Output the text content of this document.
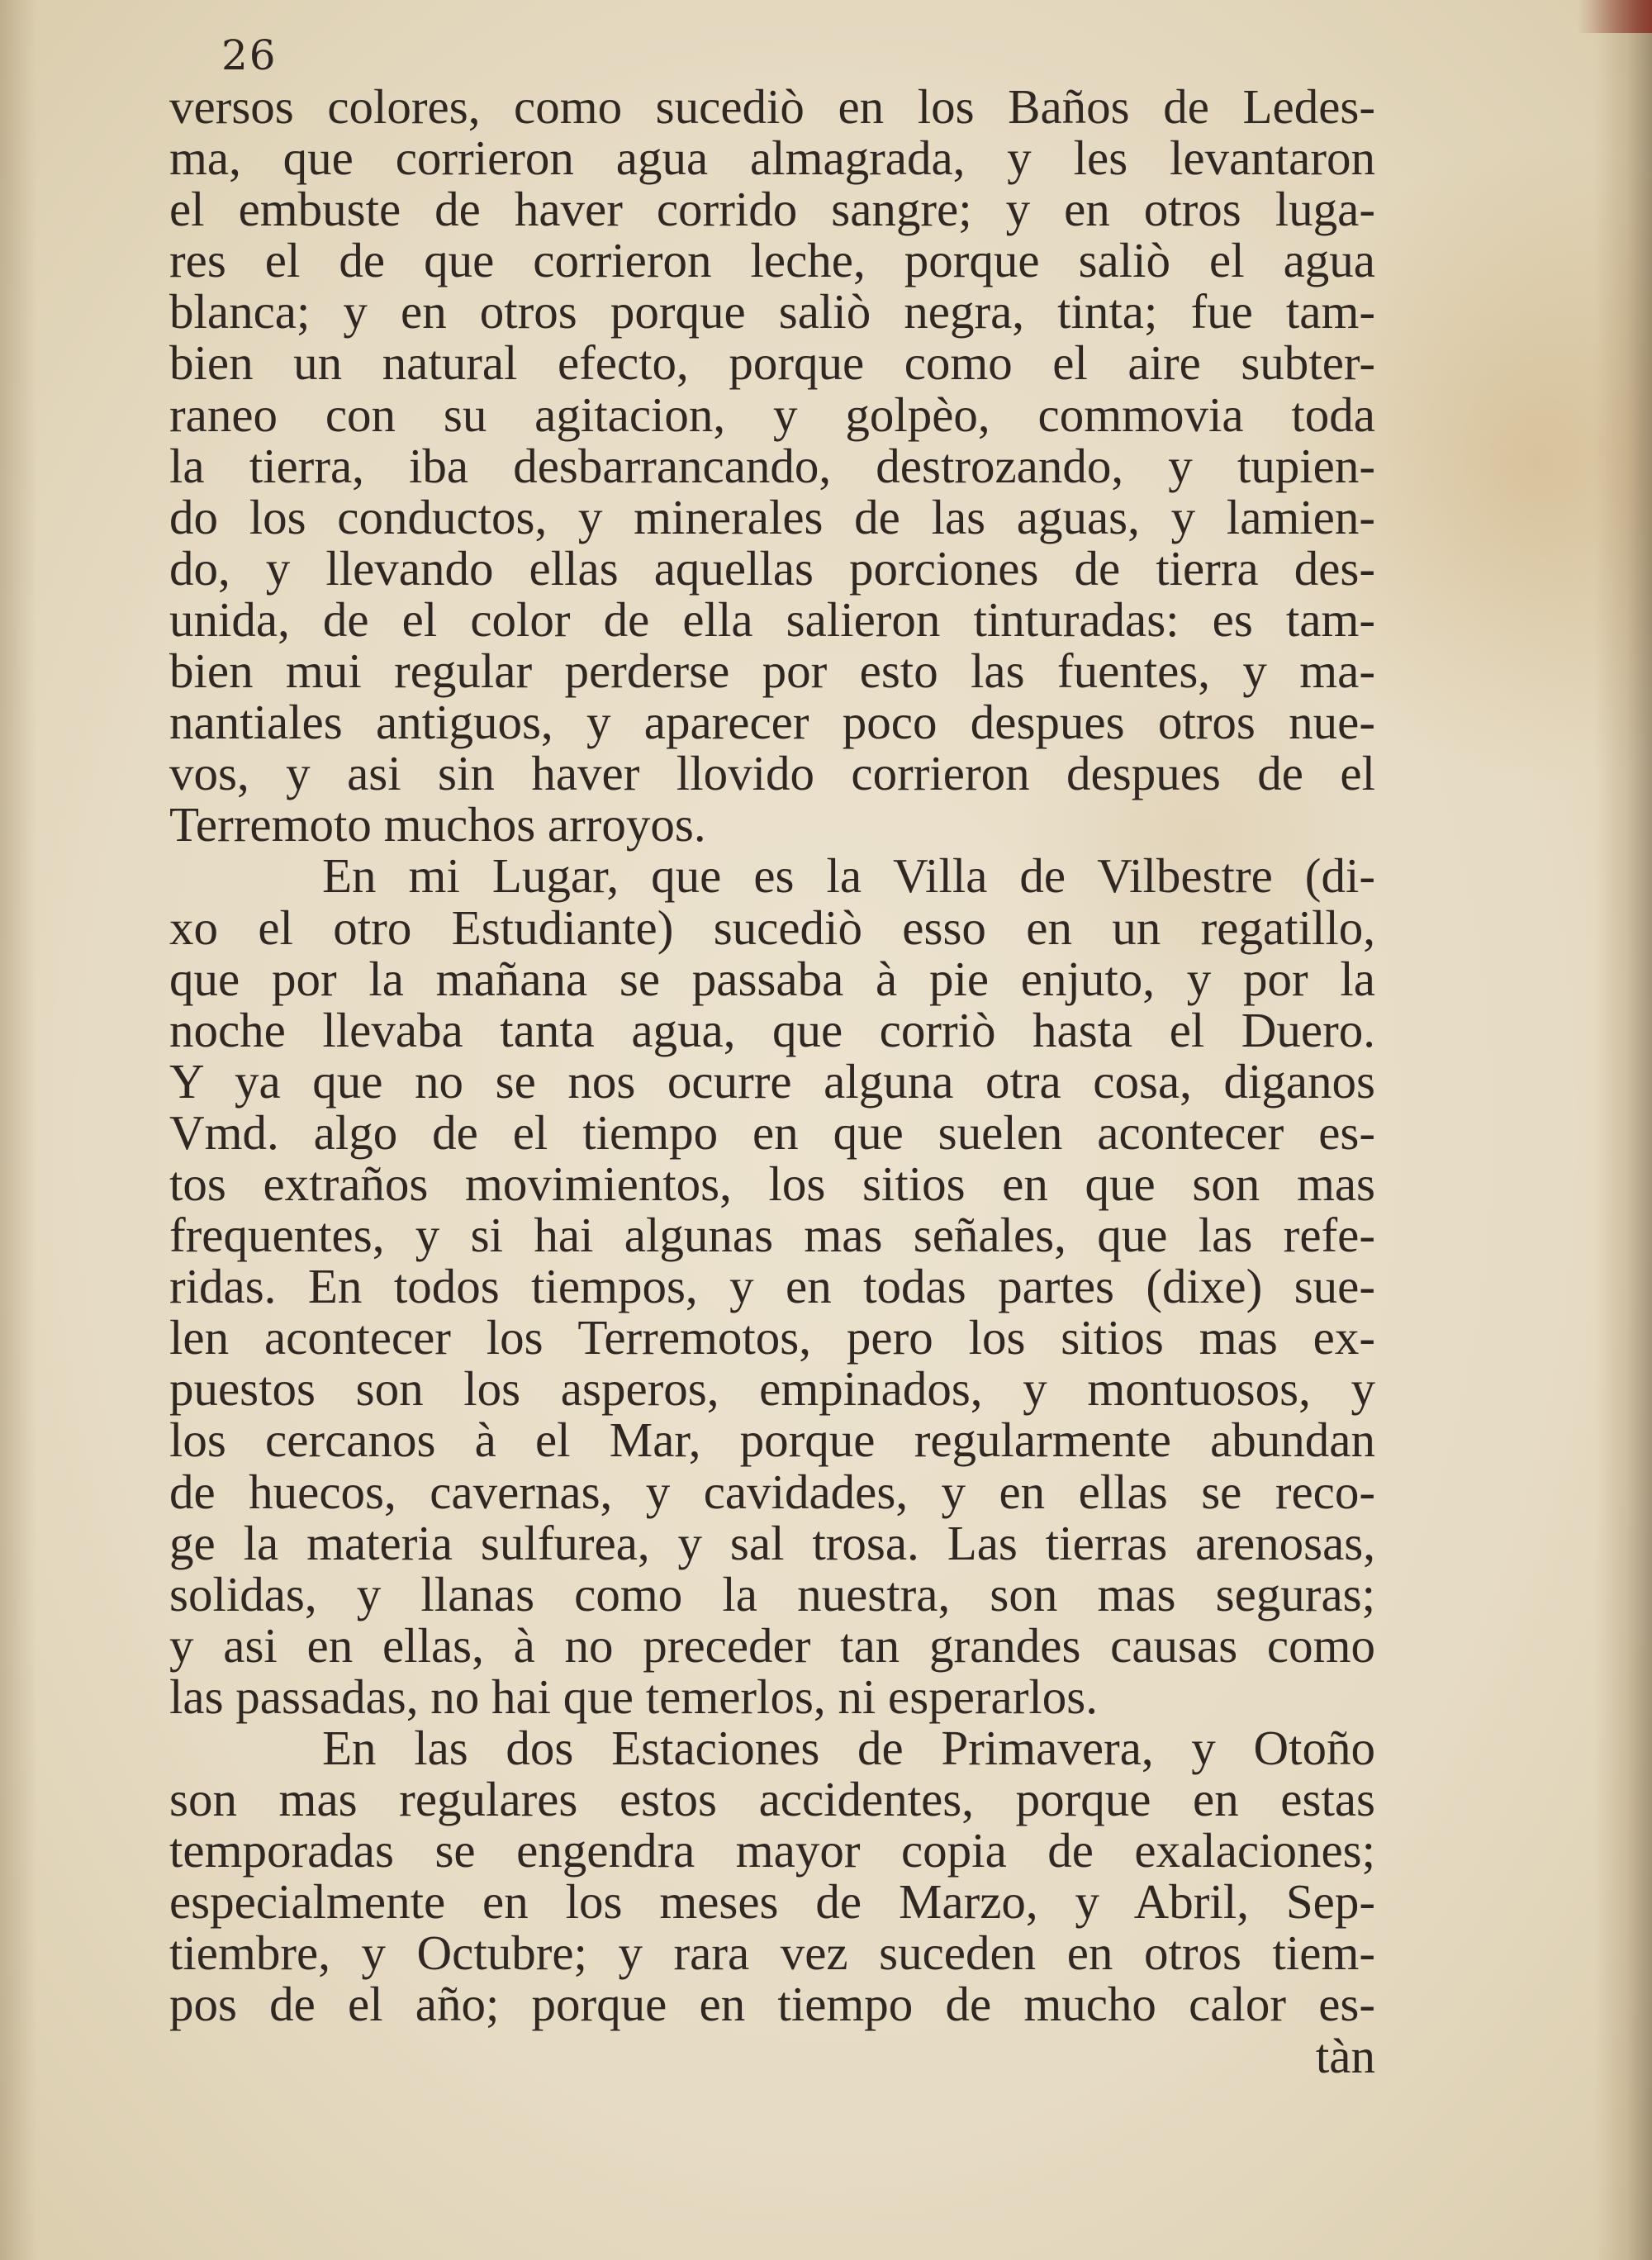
26
versos colores, como sucediò en los Baños de Ledes-
ma, que corrieron agua almagrada, y les levantaron
el embuste de haver corrido sangre; y en otros luga-
res el de que corrieron leche, porque saliò el agua
blanca; y en otros porque saliò negra, tinta; fue tam-
bien un natural efecto, porque como el aire subter-
raneo con su agitacion, y golpèo, commovia toda
la tierra, iba desbarrancando, destrozando, y tupien-
do los conductos, y minerales de las aguas, y lamien-
do, y llevando ellas aquellas porciones de tierra des-
unida, de el color de ella salieron tinturadas: es tam-
bien mui regular perderse por esto las fuentes, y ma-
nantiales antiguos, y aparecer poco despues otros nue-
vos, y asi sin haver llovido corrieron despues de el
Terremoto muchos arroyos.
En mi Lugar, que es la Villa de Vilbestre (di-
xo el otro Estudiante) sucediò esso en un regatillo,
que por la mañana se passaba à pie enjuto, y por la
noche llevaba tanta agua, que corriò hasta el Duero.
Y ya que no se nos ocurre alguna otra cosa, diganos
Vmd. algo de el tiempo en que suelen acontecer es-
tos extraños movimientos, los sitios en que son mas
frequentes, y si hai algunas mas señales, que las refe-
ridas. En todos tiempos, y en todas partes (dixe) sue-
len acontecer los Terremotos, pero los sitios mas ex-
puestos son los asperos, empinados, y montuosos, y
los cercanos à el Mar, porque regularmente abundan
de huecos, cavernas, y cavidades, y en ellas se reco-
ge la materia sulfurea, y sal trosa. Las tierras arenosas,
solidas, y llanas como la nuestra, son mas seguras;
y asi en ellas, à no preceder tan grandes causas como
las passadas, no hai que temerlos, ni esperarlos.
En las dos Estaciones de Primavera, y Otoño
son mas regulares estos accidentes, porque en estas
temporadas se engendra mayor copia de exalaciones;
especialmente en los meses de Marzo, y Abril, Sep-
tiembre, y Octubre; y rara vez suceden en otros tiem-
pos de el año; porque en tiempo de mucho calor es-
tàn
